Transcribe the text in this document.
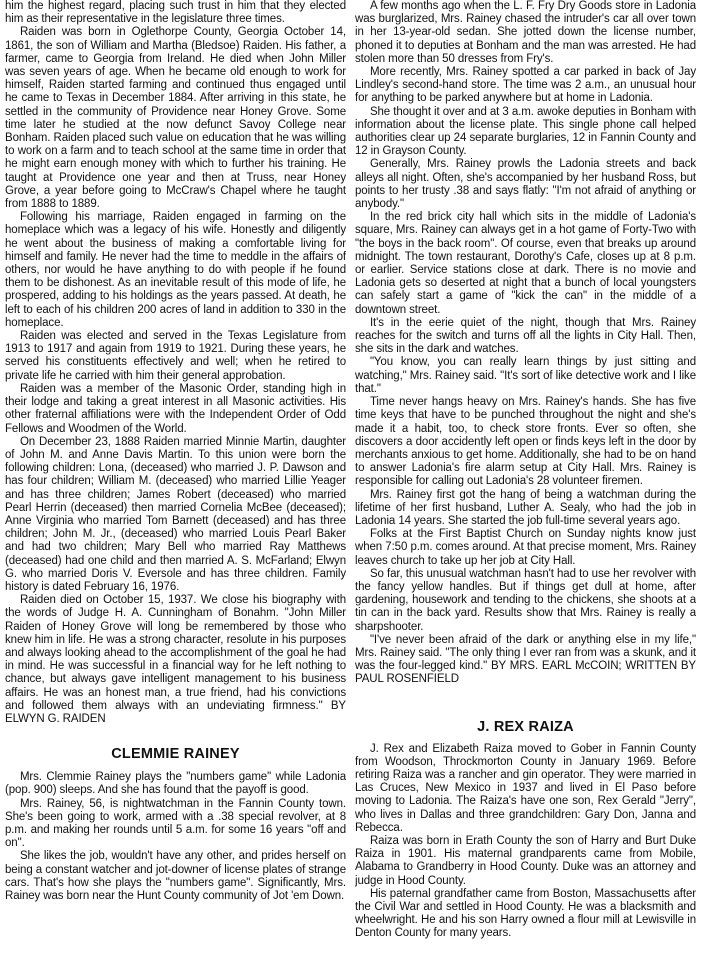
him the highest regard, placing such trust in him that they elected him as their representative in the legislature three times.

Raiden was born in Oglethorpe County, Georgia October 14, 1861, the son of William and Martha (Bledsoe) Raiden. His father, a farmer, came to Georgia from Ireland. He died when John Miller was seven years of age. When he became old enough to work for himself, Raiden started farming and continued thus engaged until he came to Texas in December 1884. After arriving in this state, he settled in the community of Providence near Honey Grove. Some time later he studied at the now defunct Savoy College near Bonham. Raiden placed such value on education that he was willing to work on a farm and to teach school at the same time in order that he might earn enough money with which to further his training. He taught at Providence one year and then at Truss, near Honey Grove, a year before going to McCraw's Chapel where he taught from 1888 to 1889.

Following his marriage, Raiden engaged in farming on the homeplace which was a legacy of his wife. Honestly and diligently he went about the business of making a comfortable living for himself and family. He never had the time to meddle in the affairs of others, nor would he have anything to do with people if he found them to be dishonest. As an inevitable result of this mode of life, he prospered, adding to his holdings as the years passed. At death, he left to each of his children 200 acres of land in addition to 330 in the homeplace.

Raiden was elected and served in the Texas Legislature from 1913 to 1917 and again from 1919 to 1921. During these years, he served his constituents effectively and well; when he retired to private life he carried with him their general approbation.

Raiden was a member of the Masonic Order, standing high in their lodge and taking a great interest in all Masonic activities. His other fraternal affiliations were with the Independent Order of Odd Fellows and Woodmen of the World.

On December 23, 1888 Raiden married Minnie Martin, daughter of John M. and Anne Davis Martin. To this union were born the following children: Lona, (deceased) who married J. P. Dawson and has four children; William M. (deceased) who married Lillie Yeager and has three children; James Robert (deceased) who married Pearl Herrin (deceased) then married Cornelia McBee (deceased); Anne Virginia who married Tom Barnett (deceased) and has three children; John M. Jr., (deceased) who married Louis Pearl Baker and had two children; Mary Bell who married Ray Matthews (deceased) had one child and then married A. S. McFarland; Elwyn G. who married Doris V. Eversole and has three children. Family history is dated February 16, 1976.

Raiden died on October 15, 1937. We close his biography with the words of Judge H. A. Cunningham of Bonahm. "John Miller Raiden of Honey Grove will long be remembered by those who knew him in life. He was a strong character, resolute in his purposes and always looking ahead to the accomplishment of the goal he had in mind. He was successful in a financial way for he left nothing to chance, but always gave intelligent management to his business affairs. He was an honest man, a true friend, had his convictions and followed them always with an undeviating firmness." BY ELWYN G. RAIDEN

CLEMMIE RAINEY

Mrs. Clemmie Rainey plays the "numbers game" while Ladonia (pop. 900) sleeps. And she has found that the payoff is good.

Mrs. Rainey, 56, is nightwatchman in the Fannin County town. She's been going to work, armed with a .38 special revolver, at 8 p.m. and making her rounds until 5 a.m. for some 16 years "off and on".

She likes the job, wouldn't have any other, and prides herself on being a constant watcher and jot-downer of license plates of strange cars. That's how she plays the "numbers game". Significantly, Mrs. Rainey was born near the Hunt County community of Jot 'em Down.

A few months ago when the L. F. Fry Dry Goods store in Ladonia was burglarized, Mrs. Rainey chased the intruder's car all over town in her 13-year-old sedan. She jotted down the license number, phoned it to deputies at Bonham and the man was arrested. He had stolen more than 50 dresses from Fry's.

More recently, Mrs. Rainey spotted a car parked in back of Jay Lindley's second-hand store. The time was 2 a.m., an unusual hour for anything to be parked anywhere but at home in Ladonia.

She thought it over and at 3 a.m. awoke deputies in Bonham with information about the license plate. This single phone call helped authorities clear up 24 separate burglaries, 12 in Fannin County and 12 in Grayson County.

Generally, Mrs. Rainey prowls the Ladonia streets and back alleys all night. Often, she's accompanied by her husband Ross, but points to her trusty .38 and says flatly: "I'm not afraid of anything or anybody."

In the red brick city hall which sits in the middle of Ladonia's square, Mrs. Rainey can always get in a hot game of Forty-Two with "the boys in the back room". Of course, even that breaks up around midnight. The town restaurant, Dorothy's Cafe, closes up at 8 p.m. or earlier. Service stations close at dark. There is no movie and Ladonia gets so deserted at night that a bunch of local youngsters can safely start a game of "kick the can" in the middle of a downtown street.

It's in the eerie quiet of the night, though that Mrs. Rainey reaches for the switch and turns off all the lights in City Hall. Then, she sits in the dark and watches.

"You know, you can really learn things by just sitting and watching," Mrs. Rainey said. "It's sort of like detective work and I like that."

Time never hangs heavy on Mrs. Rainey's hands. She has five time keys that have to be punched throughout the night and she's made it a habit, too, to check store fronts. Ever so often, she discovers a door accidently left open or finds keys left in the door by merchants anxious to get home. Additionally, she had to be on hand to answer Ladonia's fire alarm setup at City Hall. Mrs. Rainey is responsible for calling out Ladonia's 28 volunteer firemen.

Mrs. Rainey first got the hang of being a watchman during the lifetime of her first husband, Luther A. Sealy, who had the job in Ladonia 14 years. She started the job full-time several years ago.

Folks at the First Baptist Church on Sunday nights know just when 7:50 p.m. comes around. At that precise moment, Mrs. Rainey leaves church to take up her job at City Hall.

So far, this unusual watchman hasn't had to use her revolver with the fancy yellow handles. But if things get dull at home, after gardening, housework and tending to the chickens, she shoots at a tin can in the back yard. Results show that Mrs. Rainey is really a sharpshooter.

"I've never been afraid of the dark or anything else in my life," Mrs. Rainey said. "The only thing I ever ran from was a skunk, and it was the four-legged kind." BY MRS. EARL McCOIN; WRITTEN BY PAUL ROSENFIELD

J. REX RAIZA

J. Rex and Elizabeth Raiza moved to Gober in Fannin County from Woodson, Throckmorton County in January 1969. Before retiring Raiza was a rancher and gin operator. They were married in Las Cruces, New Mexico in 1937 and lived in El Paso before moving to Ladonia. The Raiza's have one son, Rex Gerald "Jerry", who lives in Dallas and three grandchildren: Gary Don, Janna and Rebecca.

Raiza was born in Erath County the son of Harry and Burt Duke Raiza in 1901. His maternal grandparents came from Mobile, Alabama to Grandberry in Hood County. Duke was an attorney and judge in Hood County.

His paternal grandfather came from Boston, Massachusetts after the Civil War and settled in Hood County. He was a blacksmith and wheelwright. He and his son Harry owned a flour mill at Lewisville in Denton County for many years.
